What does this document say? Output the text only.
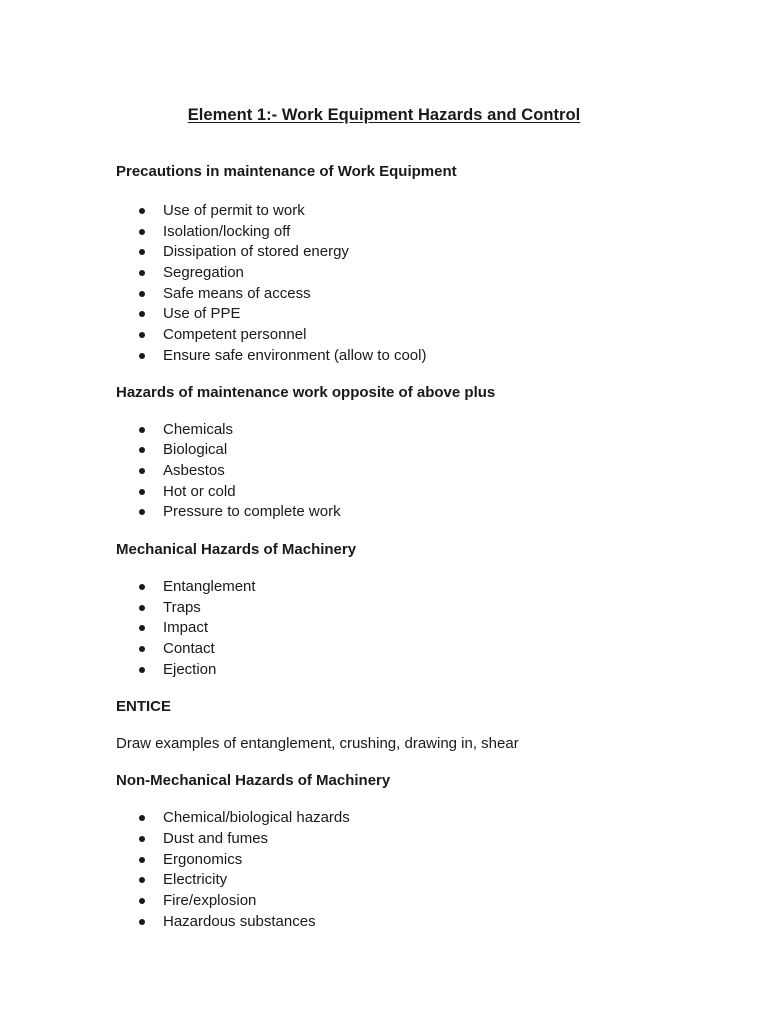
Element 1:- Work Equipment Hazards and Control

Precautions in maintenance of Work Equipment

Use of permit to work
Isolation/locking off
Dissipation of stored energy
Segregation
Safe means of access
Use of PPE
Competent personnel
Ensure safe environment (allow to cool)

Hazards of maintenance work opposite of above plus

Chemicals
Biological
Asbestos
Hot or cold
Pressure to complete work

Mechanical Hazards of Machinery

Entanglement
Traps
Impact
Contact
Ejection

ENTICE

Draw examples of entanglement, crushing, drawing in, shear

Non-Mechanical Hazards of Machinery

Chemical/biological hazards
Dust and fumes
Ergonomics
Electricity
Fire/explosion
Hazardous substances
